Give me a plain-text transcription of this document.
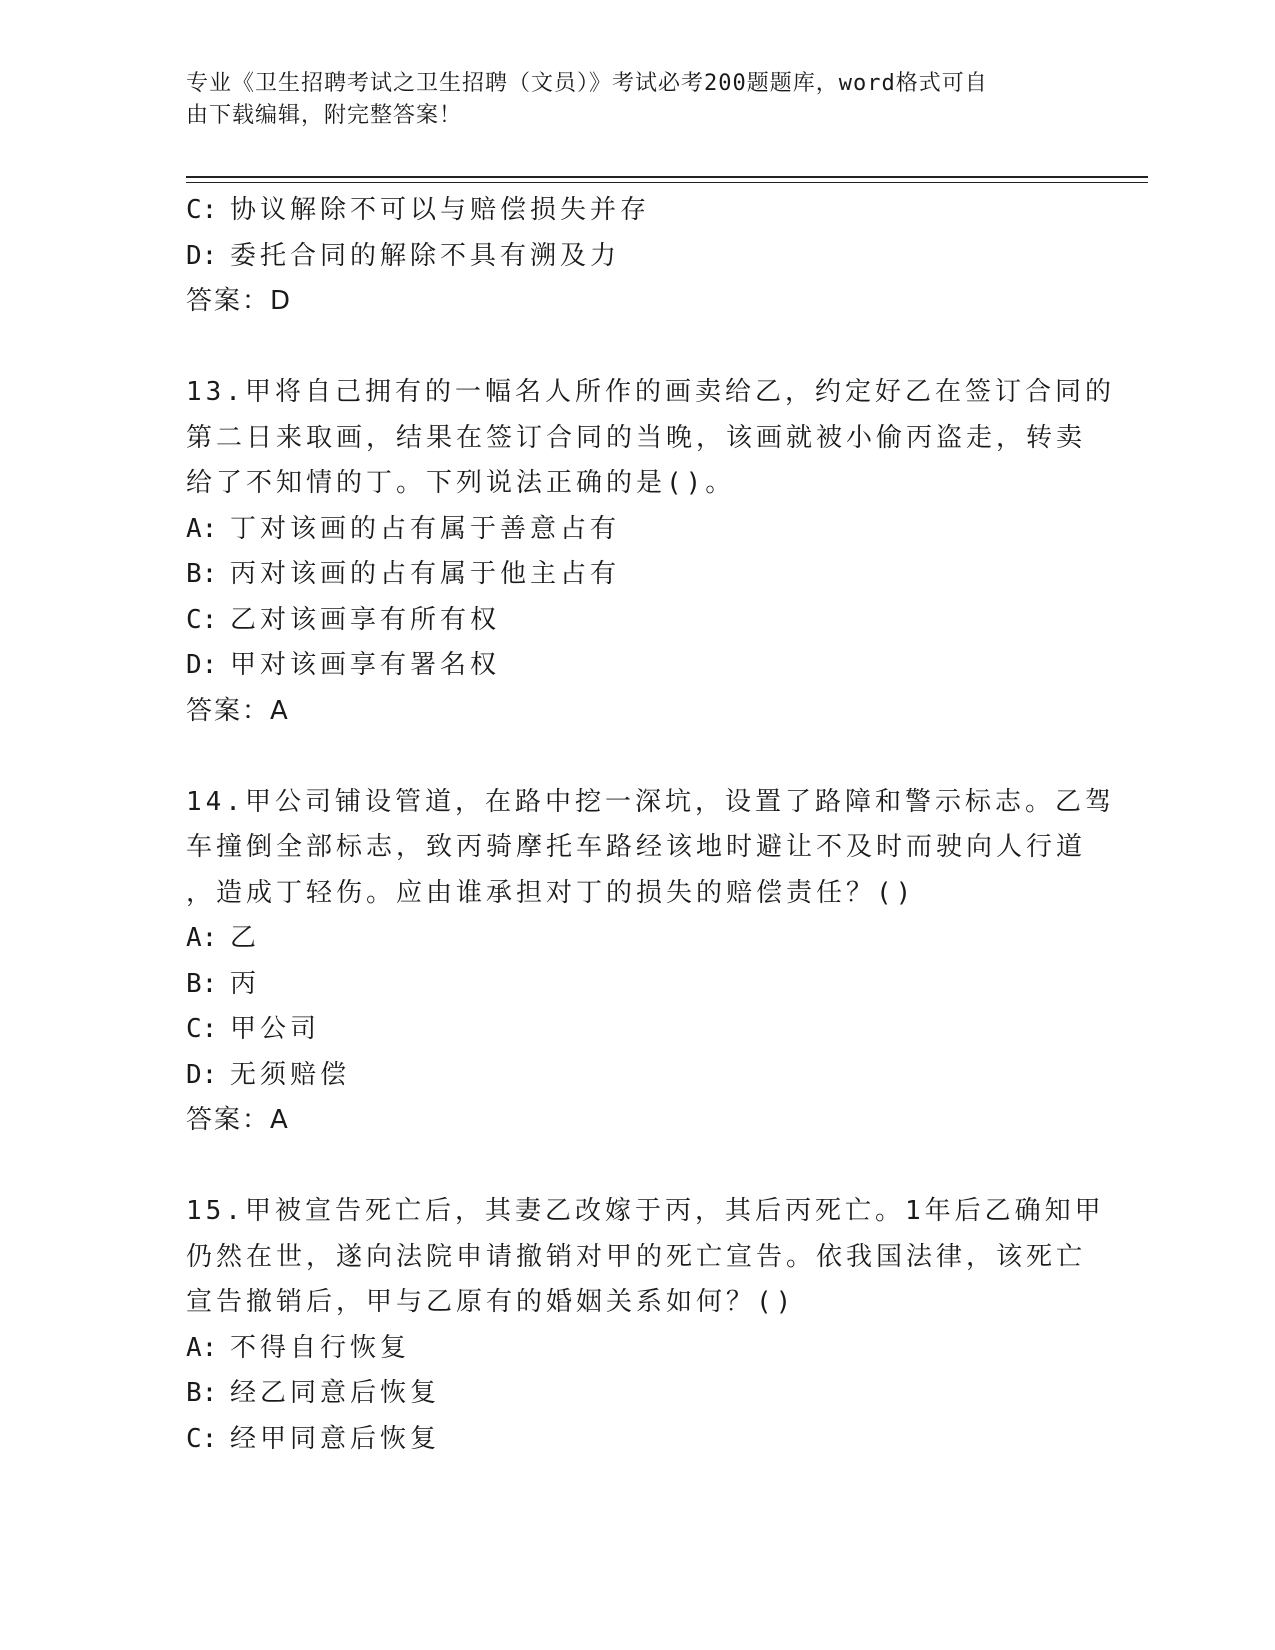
专业《卫生招聘考试之卫生招聘（文员）》考试必考200题题库，word格式可自
由下载编辑，附完整答案！
C: 协议解除不可以与赔偿损失并存
D: 委托合同的解除不具有溯及力
答案：D
13.甲将自己拥有的一幅名人所作的画卖给乙，约定好乙在签订合同的
第二日来取画，结果在签订合同的当晚，该画就被小偷丙盗走，转卖
给了不知情的丁。下列说法正确的是()。
A: 丁对该画的占有属于善意占有
B: 丙对该画的占有属于他主占有
C: 乙对该画享有所有权
D: 甲对该画享有署名权
答案：A
14.甲公司铺设管道，在路中挖一深坑，设置了路障和警示标志。乙驾
车撞倒全部标志，致丙骑摩托车路经该地时避让不及时而驶向人行道
，造成丁轻伤。应由谁承担对丁的损失的赔偿责任？()
A: 乙
B: 丙
C: 甲公司
D: 无须赔偿
答案：A
15.甲被宣告死亡后，其妻乙改嫁于丙，其后丙死亡。1年后乙确知甲
仍然在世，遂向法院申请撤销对甲的死亡宣告。依我国法律，该死亡
宣告撤销后，甲与乙原有的婚姻关系如何？()
A: 不得自行恢复
B: 经乙同意后恢复
C: 经甲同意后恢复
